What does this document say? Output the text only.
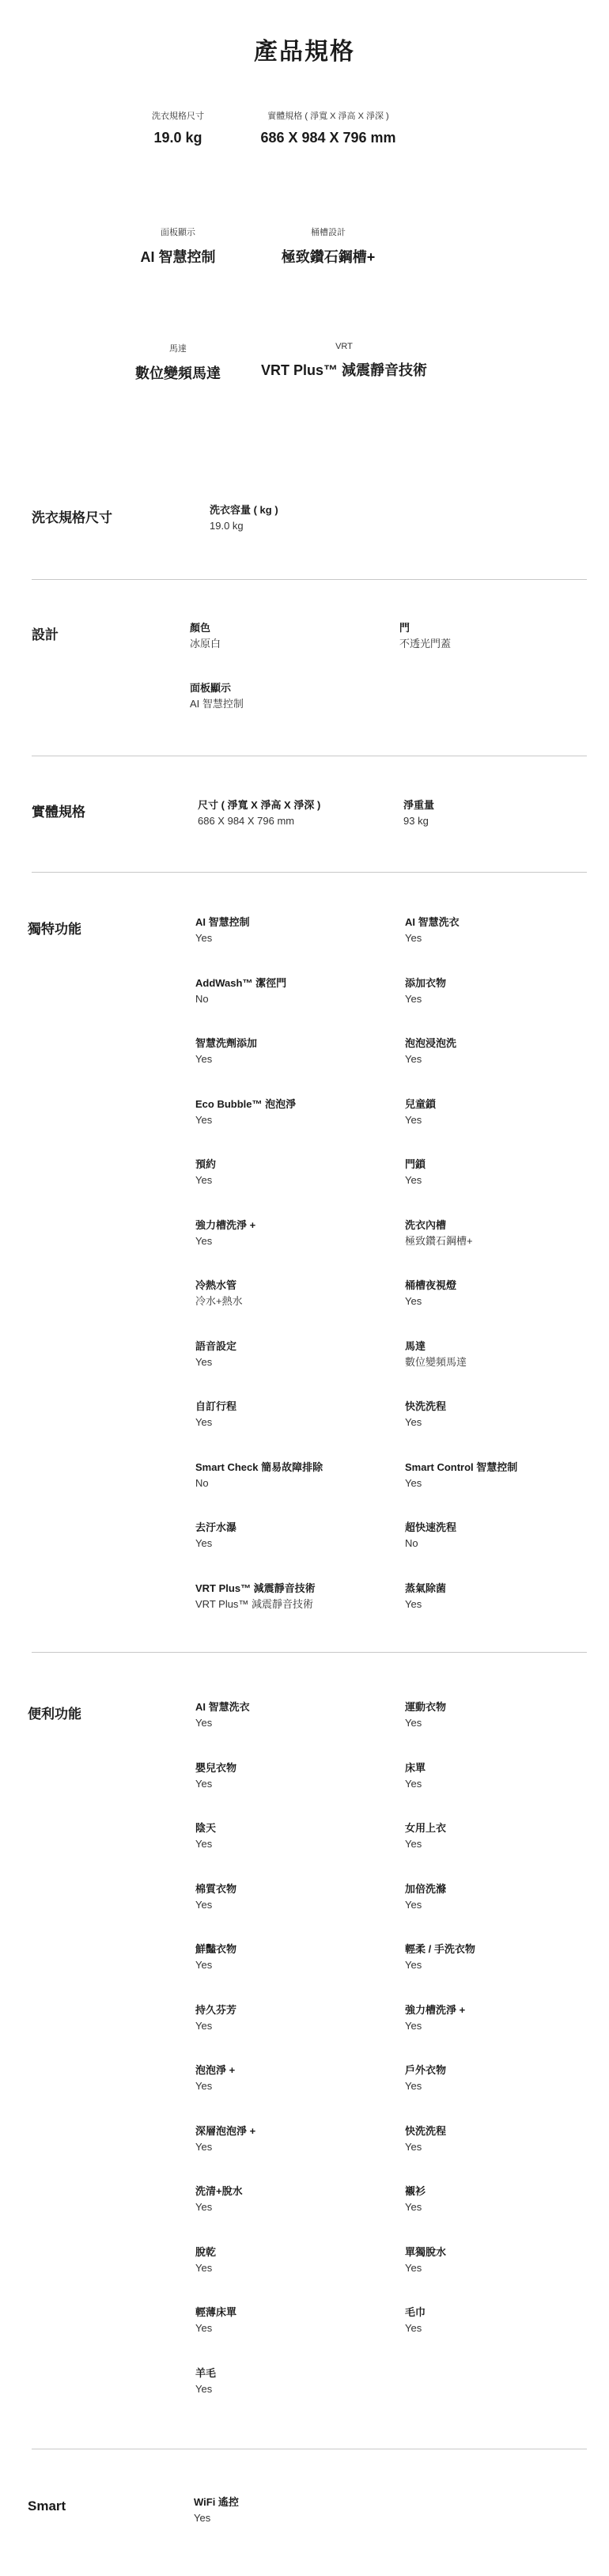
產品規格
洗衣規格尺寸
19.0 kg
實體規格 ( 淨寬 X 淨高 X 淨深 )
686 X 984 X 796 mm
面板顯示
AI 智慧控制
桶槽設計
極致鑽石鋼槽+
馬達
數位變頻馬達
VRT
VRT Plus™ 減震靜音技術
洗衣規格尺寸
洗衣容量 ( kg )
19.0 kg
設計	顏色
冰原白
門
不透光門蓋
面板顯示
AI 智慧控制
實體規格	尺寸 ( 淨寬 X 淨高 X 淨深 )
686 X 984 X 796 mm
淨重量
93 kg
獨特功能	AI 智慧控制
Yes
AI 智慧洗衣
Yes
AddWash™ 潔徑門
No
添加衣物
Yes
智慧洗劑添加
Yes
泡泡浸泡洗
Yes
Eco Bubble™ 泡泡淨
Yes
兒童鎖
Yes
預約
Yes
門鎖
Yes
強力槽洗淨 +
Yes
洗衣內槽
極致鑽石鋼槽+
冷熱水管
冷水+熱水
桶槽夜視燈
Yes
語音設定
Yes
馬達
數位變頻馬達
自訂行程
Yes
快洗洗程
Yes
Smart Check 簡易故障排除
No
Smart Control 智慧控制
Yes
去汙水瀑
Yes
超快速洗程
No
VRT Plus™ 減震靜音技術
VRT Plus™ 減震靜音技術
蒸氣除菌
Yes
便利功能	AI 智慧洗衣
Yes
運動衣物
Yes
嬰兒衣物
Yes
床單
Yes
陰天
Yes
女用上衣
Yes
棉質衣物
Yes
加倍洗滌
Yes
鮮豔衣物
Yes
輕柔 / 手洗衣物
Yes
持久芬芳
Yes
強力槽洗淨 +
Yes
泡泡淨 +
Yes
戶外衣物
Yes
深層泡泡淨 +
Yes
快洗洗程
Yes
洗清+脫水
Yes
襯衫
Yes
脫乾
Yes
單獨脫水
Yes
輕薄床單
Yes
毛巾
Yes
羊毛
Yes
Smart	WiFi 遙控
Yes
